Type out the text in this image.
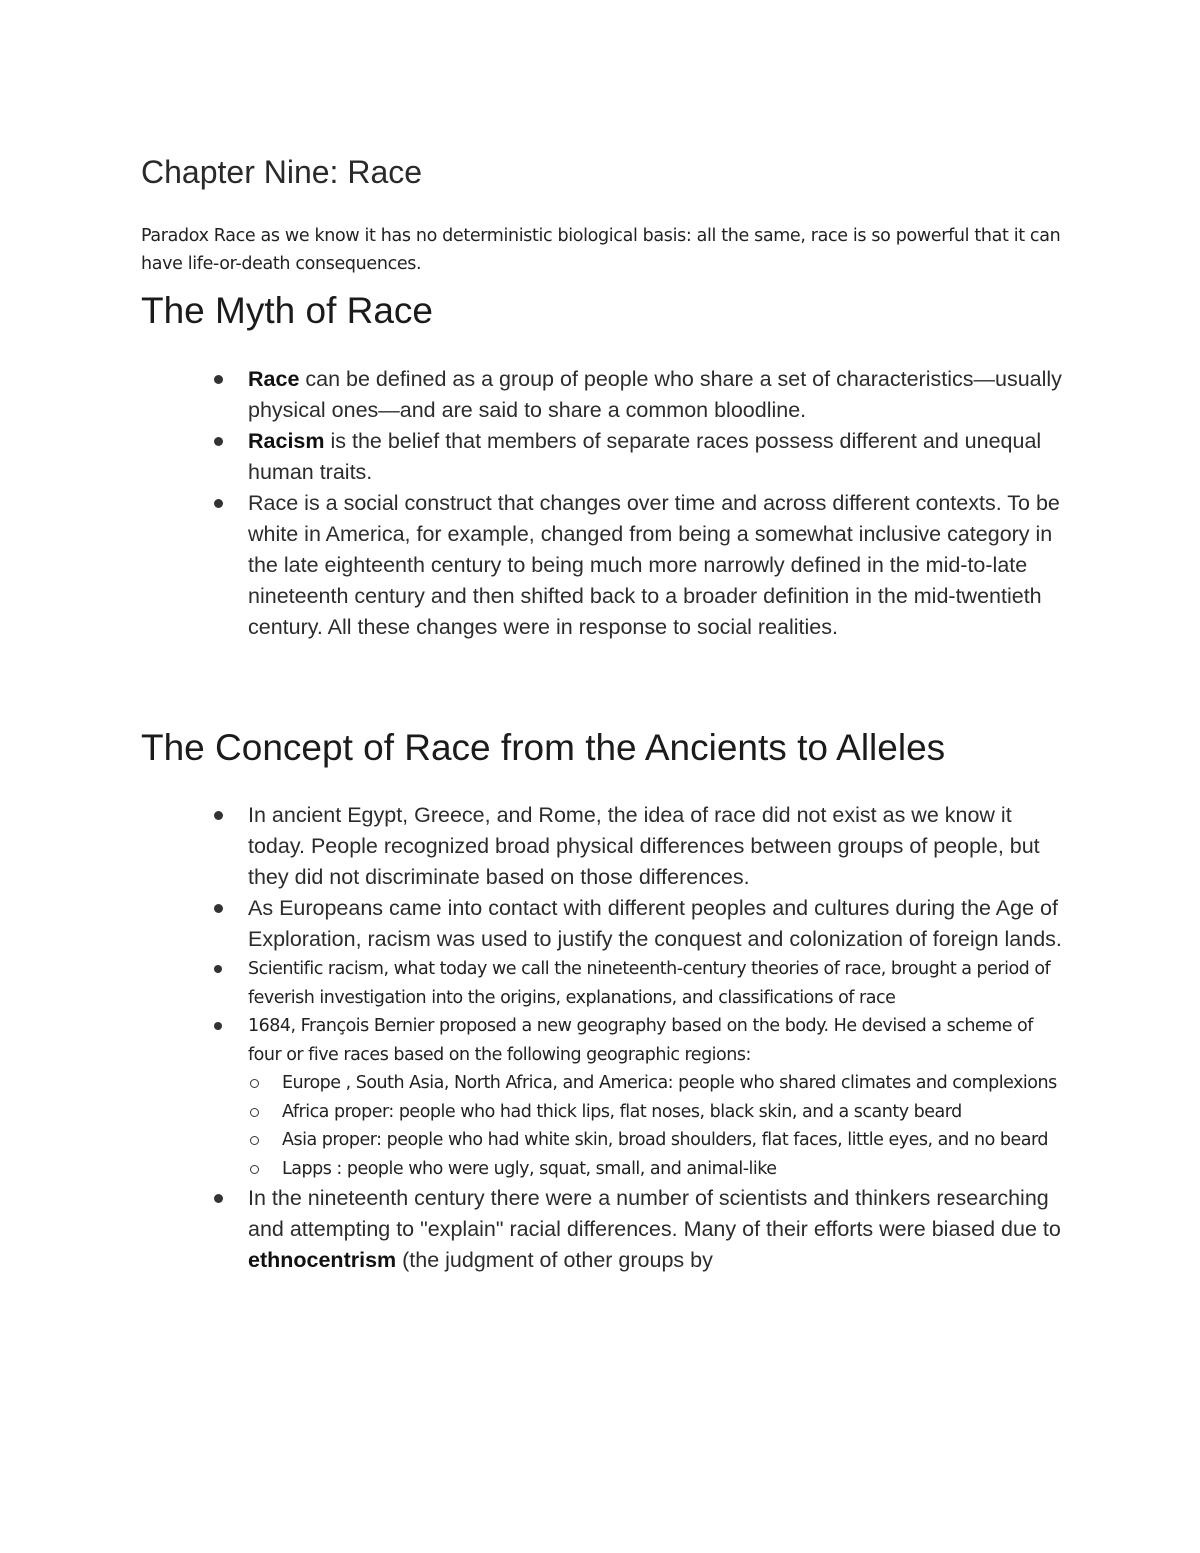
Chapter Nine: Race

Paradox Race as we know it has no deterministic biological basis: all the same, race is so powerful that it can have life-or-death consequences.

The Myth of Race
Race can be defined as a group of people who share a set of characteristics—usually physical ones—and are said to share a common bloodline.
Racism is the belief that members of separate races possess different and unequal human traits.
Race is a social construct that changes over time and across different contexts. To be white in America, for example, changed from being a somewhat inclusive category in the late eighteenth century to being much more narrowly defined in the mid-to-late nineteenth century and then shifted back to a broader definition in the mid-twentieth century. All these changes were in response to social realities.
The Concept of Race from the Ancients to Alleles
In ancient Egypt, Greece, and Rome, the idea of race did not exist as we know it today. People recognized broad physical differences between groups of people, but they did not discriminate based on those differences.
As Europeans came into contact with different peoples and cultures during the Age of Exploration, racism was used to justify the conquest and colonization of foreign lands.
Scientific racism, what today we call the nineteenth-century theories of race, brought a period of feverish investigation into the origins, explanations, and classifications of race
1684, François Bernier proposed a new geography based on the body. He devised a scheme of four or five races based on the following geographic regions:
Europe , South Asia, North Africa, and America: people who shared climates and complexions
Africa proper: people who had thick lips, flat noses, black skin, and a scanty beard
Asia proper: people who had white skin, broad shoulders, flat faces, little eyes, and no beard
Lapps : people who were ugly, squat, small, and animal-like
In the nineteenth century there were a number of scientists and thinkers researching and attempting to "explain" racial differences. Many of their efforts were biased due to ethnocentrism (the judgment of other groups by
